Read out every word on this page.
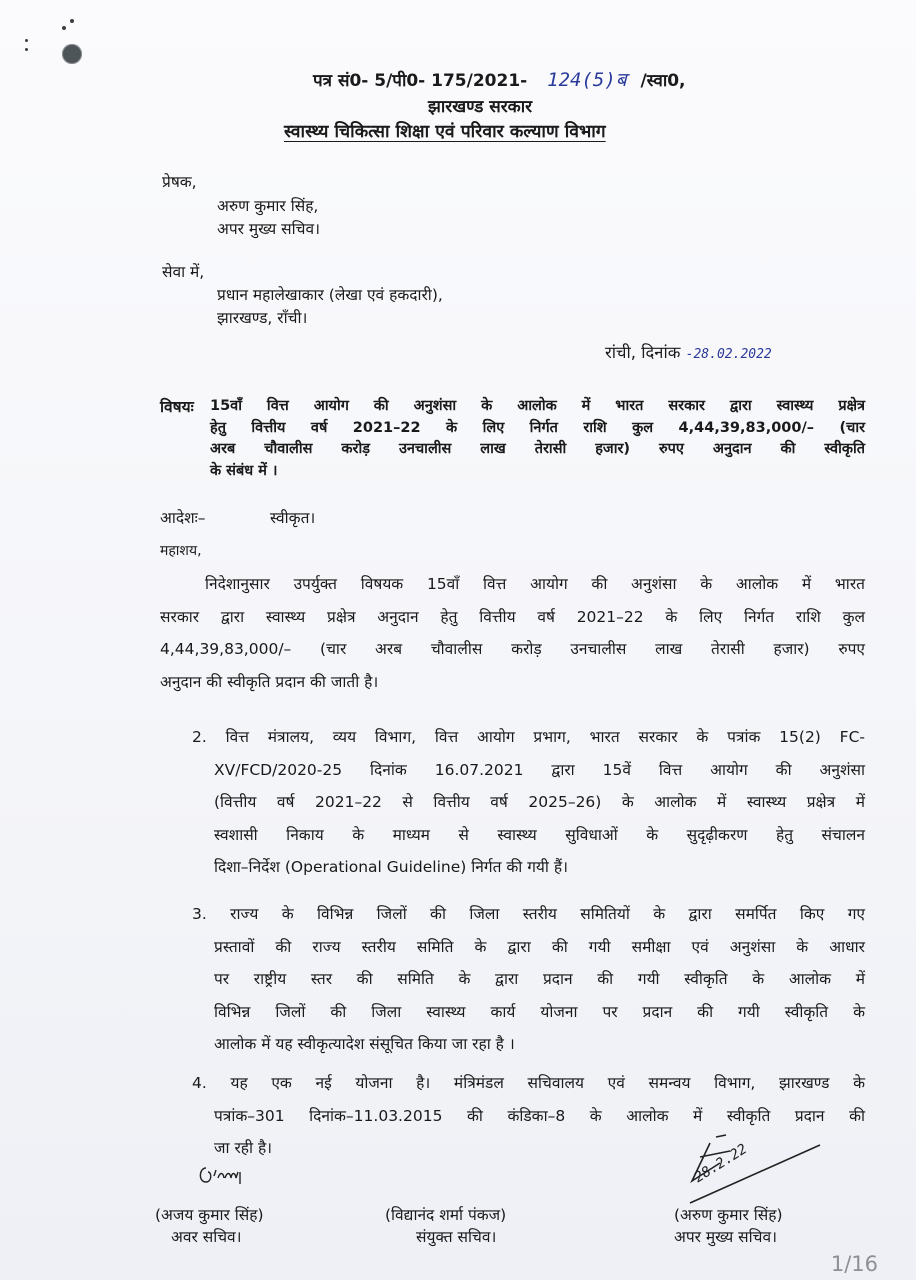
पत्र सं0- 5/पी0- 175/2021- 124(5)ब /स्वा0,
झारखण्ड सरकार
स्वास्थ्य चिकित्सा शिक्षा एवं परिवार कल्याण विभाग
प्रेषक,
अरुण कुमार सिंह,
अपर मुख्य सचिव।
सेवा में,
प्रधान महालेखाकार (लेखा एवं हकदारी),
झारखण्ड, राँची।
रांची, दिनांक -28.02.2022
विषयः 15वाँ वित्त आयोग की अनुशंसा के आलोक में भारत सरकार द्वारा स्वास्थ्य प्रक्षेत्र
हेतु वित्तीय वर्ष 2021–22 के लिए निर्गत राशि कुल 4,44,39,83,000/– (चार
अरब चौवालीस करोड़ उनचालीस लाख तेरासी हजार) रुपए अनुदान की स्वीकृति
के संबंध में ।
आदेशः–	स्वीकृत।
महाशय,
निदेशानुसार उपर्युक्त विषयक 15वाँ वित्त आयोग की अनुशंसा के आलोक में भारत
सरकार द्वारा स्वास्थ्य प्रक्षेत्र अनुदान हेतु वित्तीय वर्ष 2021–22 के लिए निर्गत राशि कुल
4,44,39,83,000/– (चार अरब चौवालीस करोड़ उनचालीस लाख तेरासी हजार) रुपए
अनुदान की स्वीकृति प्रदान की जाती है।
2. वित्त मंत्रालय, व्यय विभाग, वित्त आयोग प्रभाग, भारत सरकार के पत्रांक 15(2) FC-
XV/FCD/2020-25 दिनांक 16.07.2021 द्वारा 15वें वित्त आयोग की अनुशंसा
(वित्तीय वर्ष 2021–22 से वित्तीय वर्ष 2025–26) के आलोक में स्वास्थ्य प्रक्षेत्र में
स्वशासी निकाय के माध्यम से स्वास्थ्य सुविधाओं के सुदृढ़ीकरण हेतु संचालन
दिशा–निर्देश (Operational Guideline) निर्गत की गयी हैं।
3. राज्य के विभिन्न जिलों की जिला स्तरीय समितियों के द्वारा समर्पित किए गए
प्रस्तावों की राज्य स्तरीय समिति के द्वारा की गयी समीक्षा एवं अनुशंसा के आधार
पर राष्ट्रीय स्तर की समिति के द्वारा प्रदान की गयी स्वीकृति के आलोक में
विभिन्न जिलों की जिला स्वास्थ्य कार्य योजना पर प्रदान की गयी स्वीकृति के
आलोक में यह स्वीकृत्यादेश संसूचित किया जा रहा है ।
4. यह एक नई योजना है। मंत्रिमंडल सचिवालय एवं समन्वय विभाग, झारखण्ड के
पत्रांक–301 दिनांक–11.03.2015 की कंडिका–8 के आलोक में स्वीकृति प्रदान की
जा रही है।	28.2.22
(अजय कुमार सिंह)
अवर सचिव।
(विद्यानंद शर्मा पंकज)
संयुक्त सचिव।
(अरुण कुमार सिंह)
अपर मुख्य सचिव।
1/16
